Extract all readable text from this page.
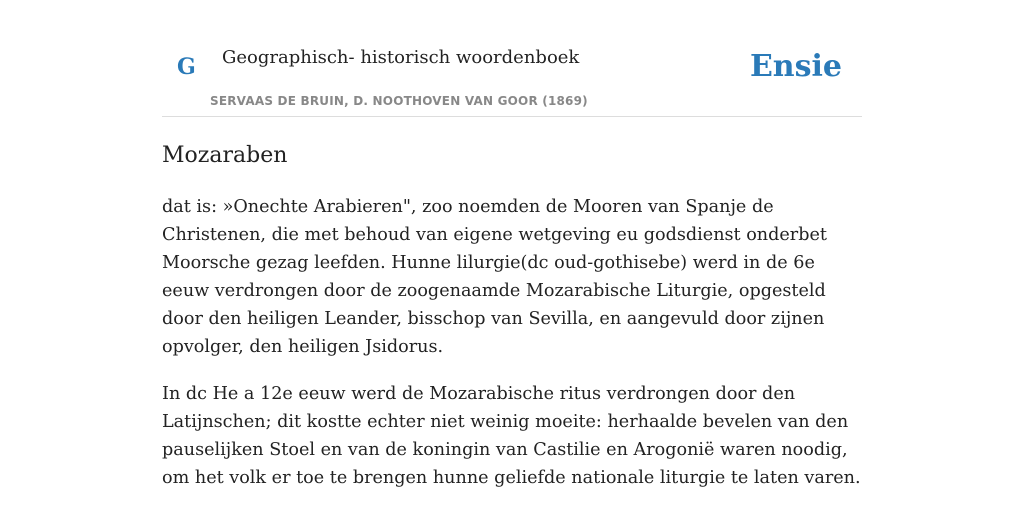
G Geographisch- historisch woordenboek
SERVAAS DE BRUIN, D. NOOTHOVEN VAN GOOR (1869)
Ensie
Mozaraben

dat is: »Onechte Arabieren", zoo noemden de Mooren van Spanje de Christenen, die met behoud van eigene wetgeving eu godsdienst onderbet Moorsche gezag leefden. Hunne lilurgie(dc oud-gothisebe) werd in de 6e eeuw verdrongen door de zoogenaamde Mozarabische Liturgie, opgesteld door den heiligen Leander, bisschop van Sevilla, en aangevuld door zijnen opvolger, den heiligen Jsidorus.

In dc He a 12e eeuw werd de Mozarabische ritus verdrongen door den Latijnschen; dit kostte echter niet weinig moeite: herhaalde bevelen van den pauselijken Stoel en van de koningin van Castilie en Arogonië waren noodig, om het volk er toe te brengen hunne geliefde nationale liturgie te laten varen.
